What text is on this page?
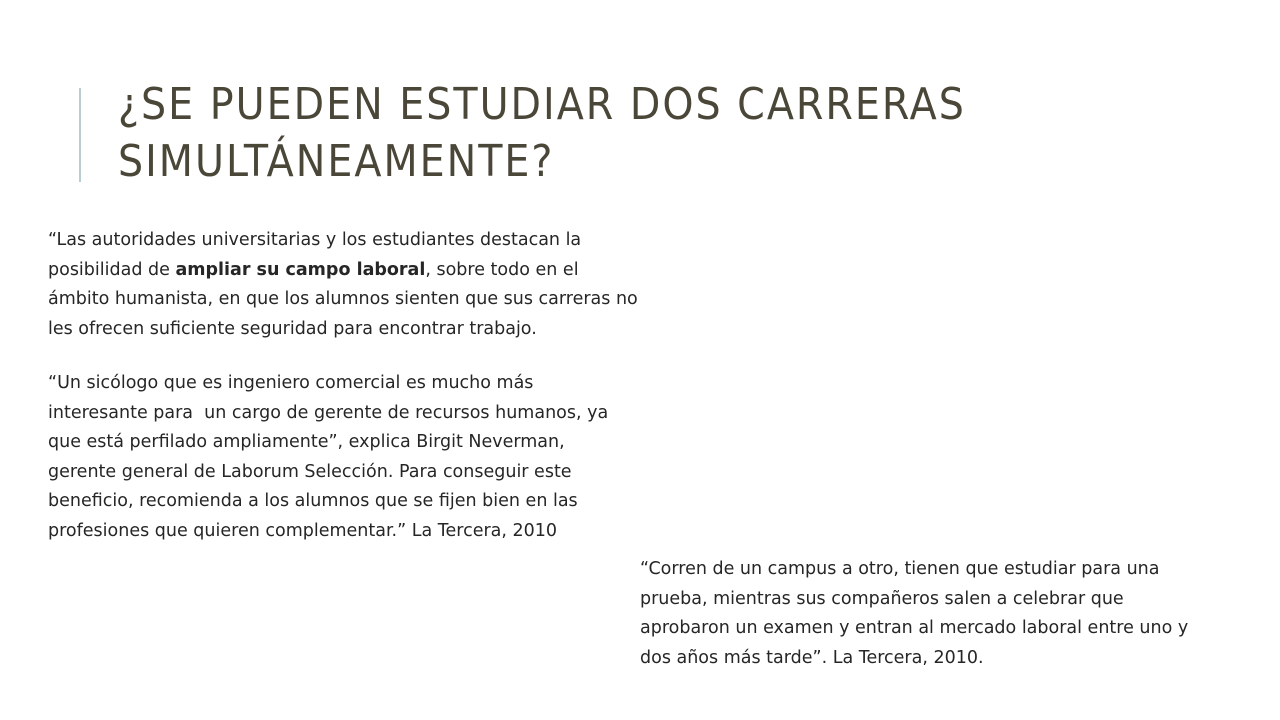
¿SE PUEDEN ESTUDIAR DOS CARRERAS
SIMULTÁNEAMENTE?

“Las autoridades universitarias y los estudiantes destacan la

posibilidad de ampliar su campo laboral, sobre todo en el

ámbito humanista, en que los alumnos sienten que sus carreras no

les ofrecen suficiente seguridad para encontrar trabajo.

“Un sicólogo que es ingeniero comercial es mucho más

interesante para  un cargo de gerente de recursos humanos, ya

que está perfilado ampliamente”, explica Birgit Neverman,

gerente general de Laborum Selección. Para conseguir este

beneficio, recomienda a los alumnos que se fijen bien en las

profesiones que quieren complementar.” La Tercera, 2010

“Corren de un campus a otro, tienen que estudiar para una

prueba, mientras sus compañeros salen a celebrar que

aprobaron un examen y entran al mercado laboral entre uno y

dos años más tarde”. La Tercera, 2010.
